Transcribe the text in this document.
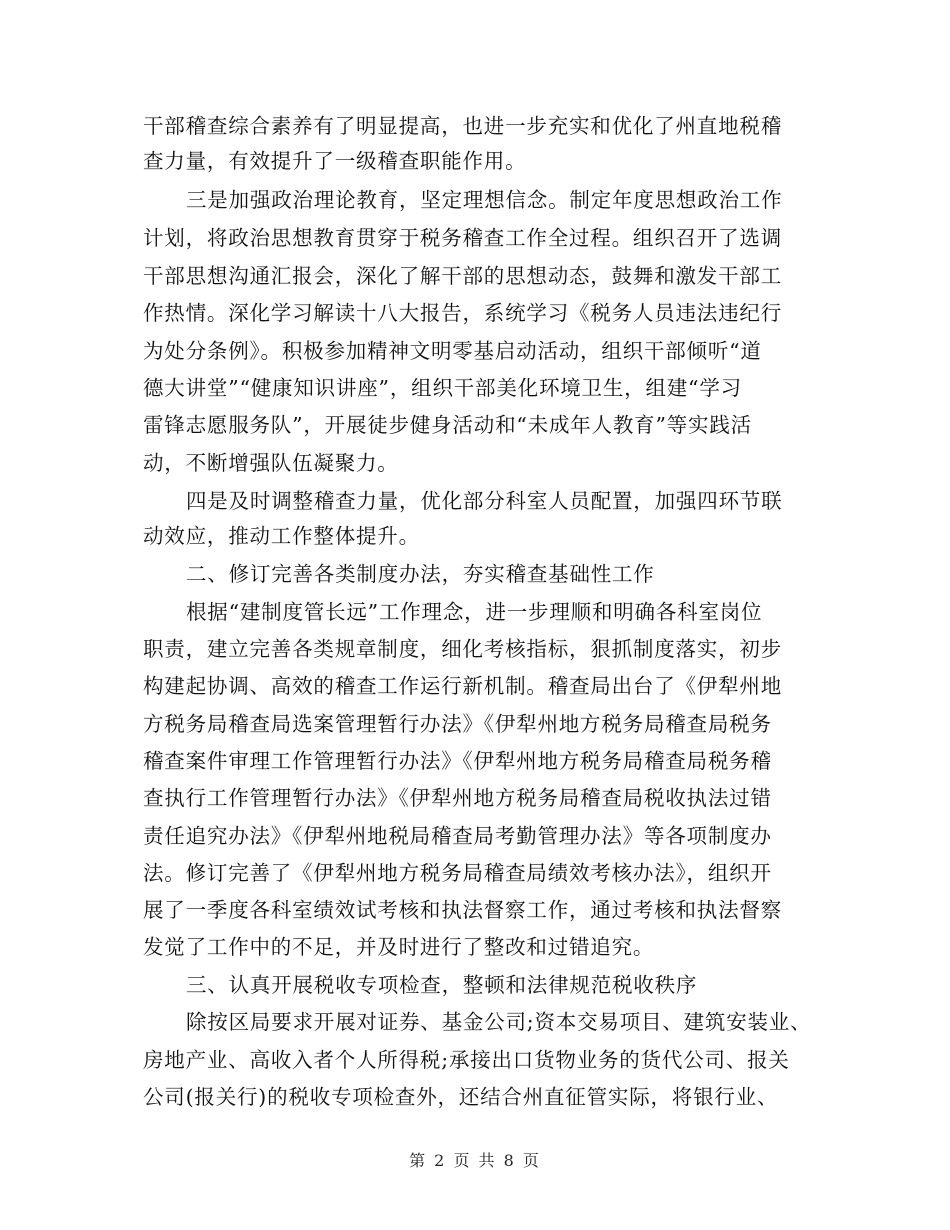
干部稽查综合素养有了明显提高，也进一步充实和优化了州直地税稽
查力量，有效提升了一级稽查职能作用。
三是加强政治理论教育，坚定理想信念。制定年度思想政治工作
计划，将政治思想教育贯穿于税务稽查工作全过程。组织召开了选调
干部思想沟通汇报会，深化了解干部的思想动态，鼓舞和激发干部工
作热情。深化学习解读十八大报告，系统学习《税务人员违法违纪行
为处分条例》。积极参加精神文明零基启动活动，组织干部倾听“道
德大讲堂”“健康知识讲座”，组织干部美化环境卫生，组建“学习
雷锋志愿服务队”，开展徒步健身活动和“未成年人教育”等实践活
动，不断增强队伍凝聚力。
四是及时调整稽查力量，优化部分科室人员配置，加强四环节联
动效应，推动工作整体提升。
二、修订完善各类制度办法，夯实稽查基础性工作
根据“建制度管长远”工作理念，进一步理顺和明确各科室岗位
职责，建立完善各类规章制度，细化考核指标，狠抓制度落实，初步
构建起协调、高效的稽查工作运行新机制。稽查局出台了《伊犁州地
方税务局稽查局选案管理暂行办法》《伊犁州地方税务局稽查局税务
稽查案件审理工作管理暂行办法》《伊犁州地方税务局稽查局税务稽
查执行工作管理暂行办法》《伊犁州地方税务局稽查局税收执法过错
责任追究办法》《伊犁州地税局稽查局考勤管理办法》等各项制度办
法。修订完善了《伊犁州地方税务局稽查局绩效考核办法》，组织开
展了一季度各科室绩效试考核和执法督察工作，通过考核和执法督察
发觉了工作中的不足，并及时进行了整改和过错追究。
三、认真开展税收专项检查，整顿和法律规范税收秩序
除按区局要求开展对证券、基金公司;资本交易项目、建筑安装业、
房地产业、高收入者个人所得税;承接出口货物业务的货代公司、报关
公司(报关行)的税收专项检查外，还结合州直征管实际，将银行业、
第 2 页 共 8 页
